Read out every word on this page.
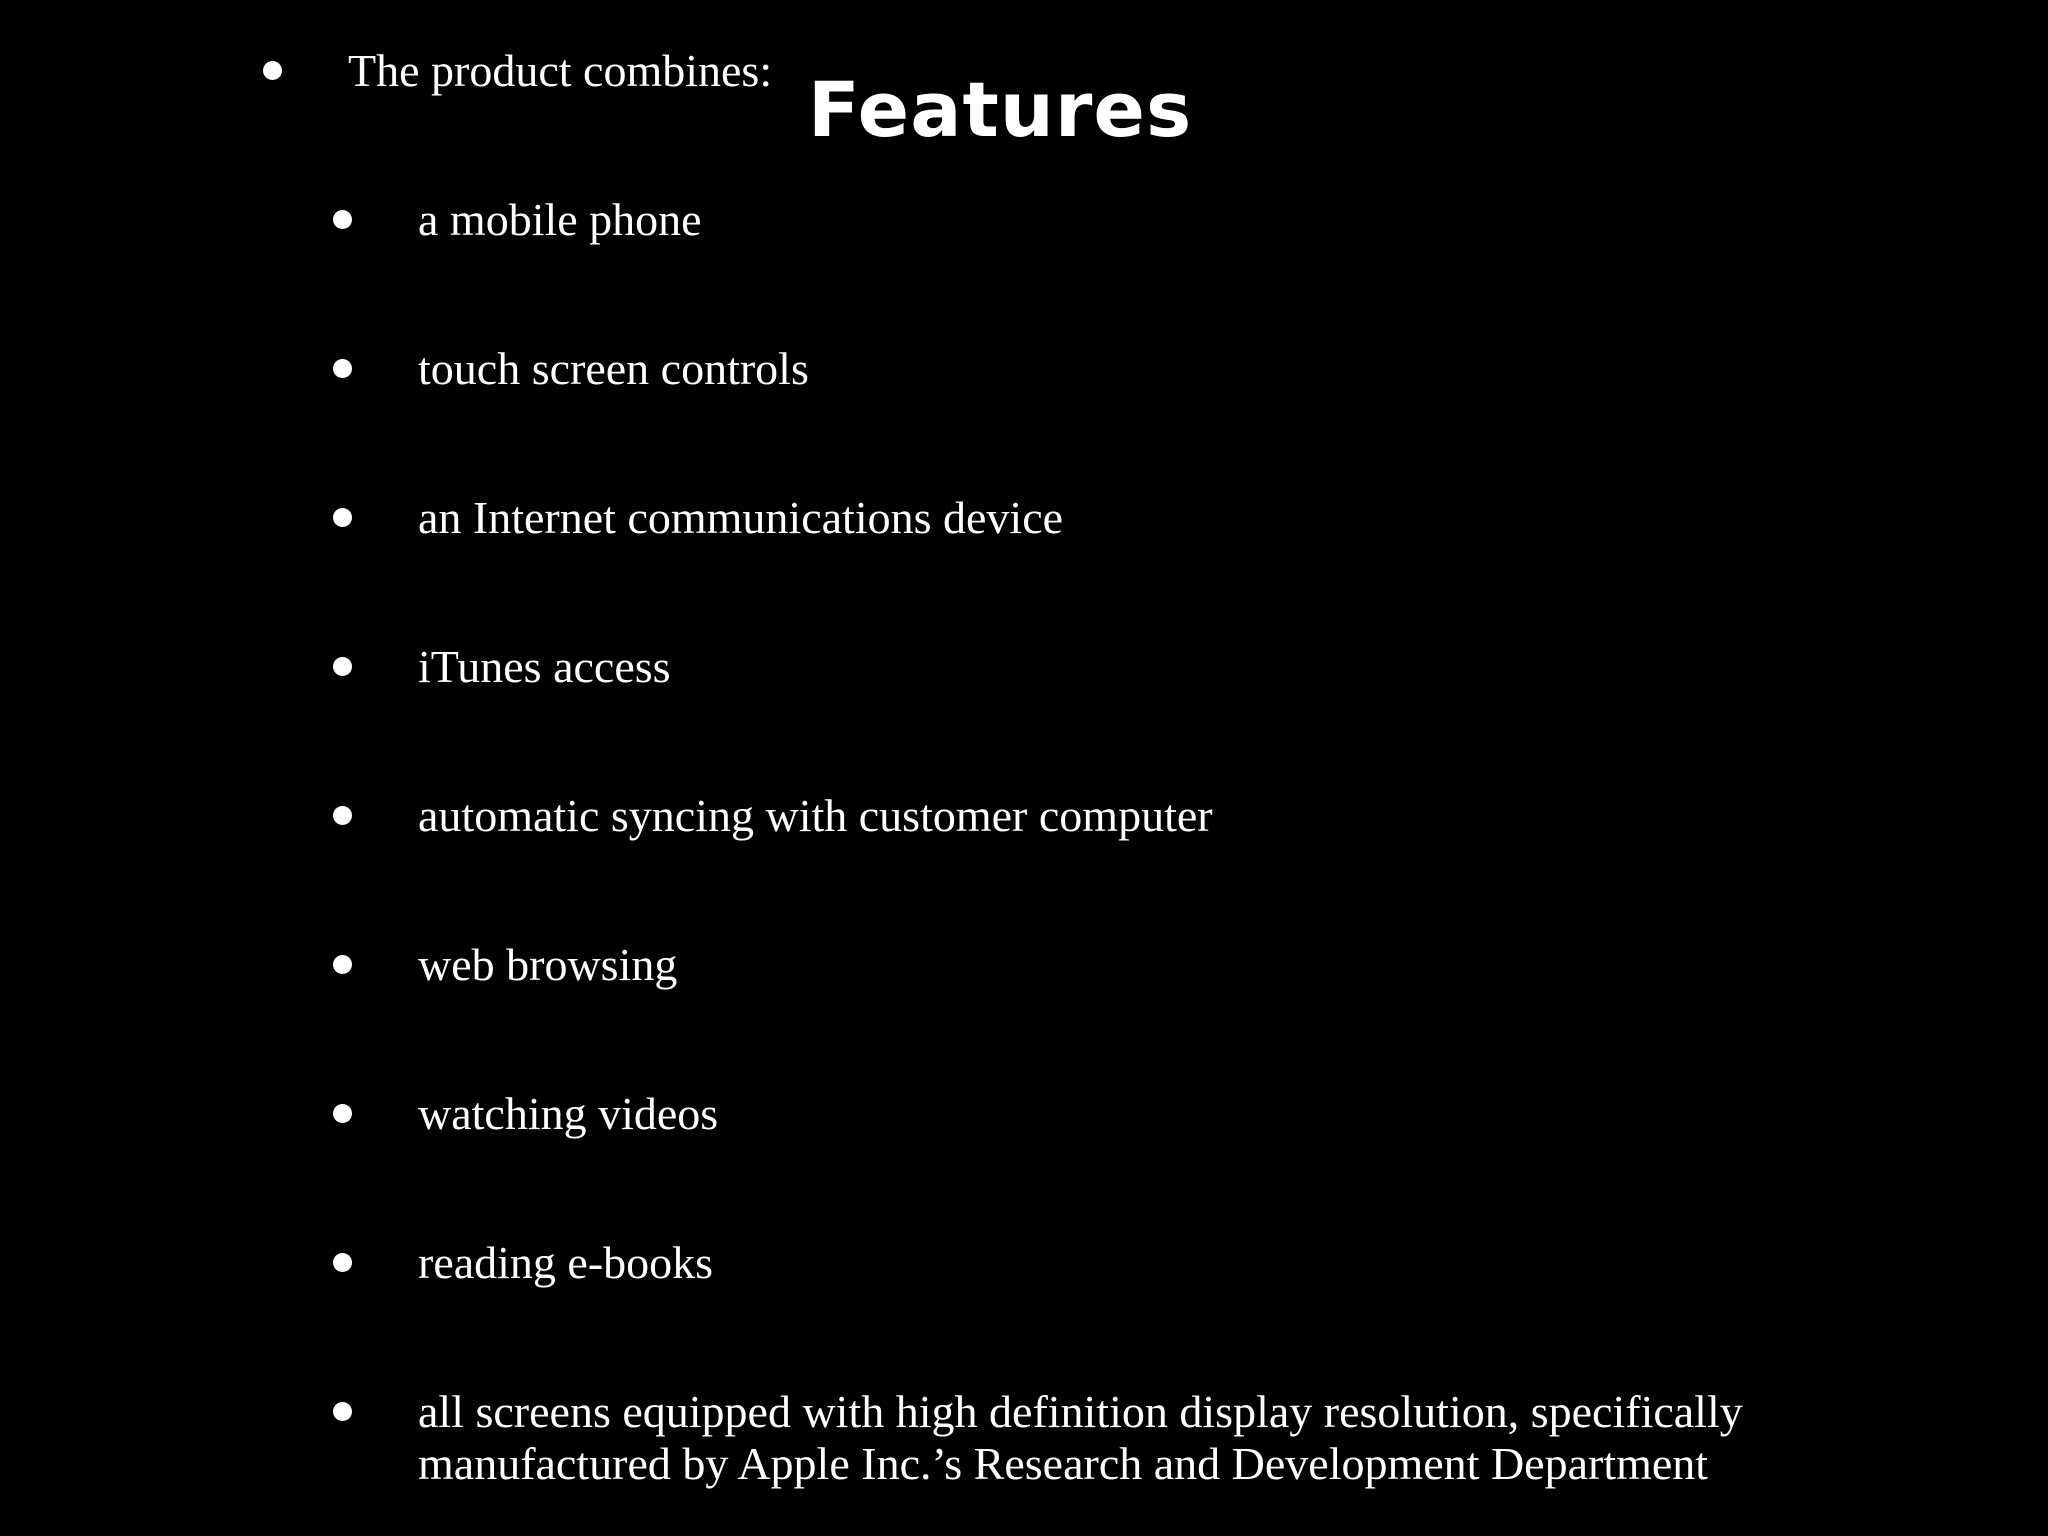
Features
The product combines:
a mobile phone
touch screen controls
an Internet communications device
iTunes access
automatic syncing with customer computer
web browsing
watching videos
reading e-books
all screens equipped with high definition display resolution, specifically manufactured by Apple Inc.’s Research and Development Department
